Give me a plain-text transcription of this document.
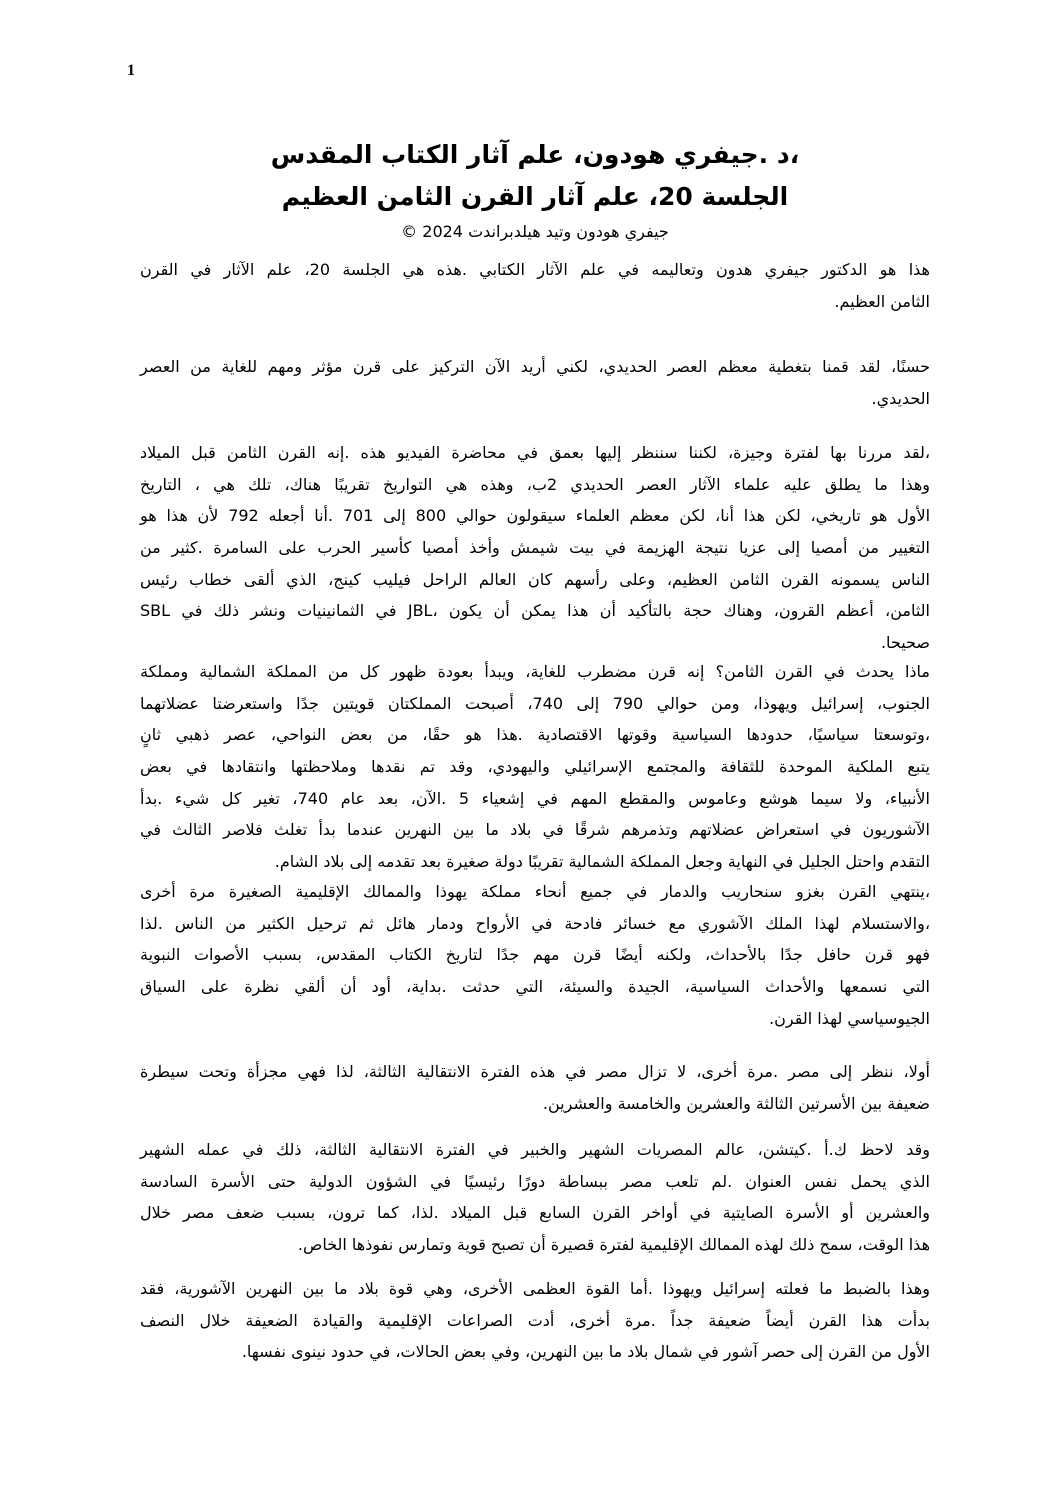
1
،د .جيفري هودون، علم آثار الكتاب المقدس
الجلسة 20، علم آثار القرن الثامن العظيم
جيفري هودون وتيد هيلدبراندت 2024 ©
هذا هو الدكتور جيفري هدون وتعاليمه في علم الآثار الكتابي .هذه هي الجلسة 20، علم الآثار في القرن
الثامن العظيم.
حسنًا، لقد قمنا بتغطية معظم العصر الحديدي، لكني أريد الآن التركيز على قرن مؤثر ومهم للغاية من العصر
الحديدي.
،لقد مررنا بها لفترة وجيزة، لكننا سننظر إليها بعمق في محاضرة الفيديو هذه .إنه القرن الثامن قبل الميلاد
وهذا ما يطلق عليه علماء الآثار العصر الحديدي 2ب، وهذه هي التواريخ تقريبًا هناك، تلك هي ، التاريخ
الأول هو تاريخي، لكن هذا أنا، لكن معظم العلماء سيقولون حوالي 800 إلى 701 .أنا أجعله 792 لأن هذا هو
التغيير من أمصيا إلى عزيا نتيجة الهزيمة في بيت شيمش وأخذ أمصيا كأسير الحرب على السامرة .كثير من
الناس يسمونه القرن الثامن العظيم، وعلى رأسهم كان العالم الراحل فيليب كينج، الذي ألقى خطاب رئيس
الثامن، أعظم القرون، وهناك حجة بالتأكيد أن هذا يمكن أن يكون ،JBL في الثمانينيات ونشر ذلك في SBL
صحيحا.
ماذا يحدث في القرن الثامن؟ إنه قرن مضطرب للغاية، ويبدأ بعودة ظهور كل من المملكة الشمالية ومملكة
الجنوب، إسرائيل ويهوذا، ومن حوالي 790 إلى 740، أصبحت المملكتان قويتين جدًا واستعرضتا عضلاتهما
،وتوسعتا سياسيًا، حدودها السياسية وقوتها الاقتصادية .هذا هو حقًا، من بعض النواحي، عصر ذهبي ثانٍ
يتبع الملكية الموحدة للثقافة والمجتمع الإسرائيلي واليهودي، وقد تم نقدها وملاحظتها وانتقادها في بعض
الأنبياء، ولا سيما هوشع وعاموس والمقطع المهم في إشعياء 5 .الآن، بعد عام 740، تغير كل شيء .بدأ
الآشوريون في استعراض عضلاتهم وتذمرهم شرقًا في بلاد ما بين النهرين عندما بدأ تغلث فلاصر الثالث في
التقدم واحتل الجليل في النهاية وجعل المملكة الشمالية تقريبًا دولة صغيرة بعد تقدمه إلى بلاد الشام.
،ينتهي القرن بغزو سنحاريب والدمار في جميع أنحاء مملكة يهوذا والممالك الإقليمية الصغيرة مرة أخرى
،والاستسلام لهذا الملك الآشوري مع خسائر فادحة في الأرواح ودمار هائل ثم ترحيل الكثير من الناس .لذا
فهو قرن حافل جدًا بالأحداث، ولكنه أيضًا قرن مهم جدًا لتاريخ الكتاب المقدس، بسبب الأصوات النبوية
التي نسمعها والأحداث السياسية، الجيدة والسيئة، التي حدثت .بداية، أود أن ألقي نظرة على السياق
الجيوسياسي لهذا القرن.
أولا، ننظر إلى مصر .مرة أخرى، لا تزال مصر في هذه الفترة الانتقالية الثالثة، لذا فهي مجزأة وتحت سيطرة
ضعيفة بين الأسرتين الثالثة والعشرين والخامسة والعشرين.
وقد لاحظ ك.أ .كيتشن، عالم المصريات الشهير والخبير في الفترة الانتقالية الثالثة، ذلك في عمله الشهير
الذي يحمل نفس العنوان .لم تلعب مصر ببساطة دورًا رئيسيًا في الشؤون الدولية حتى الأسرة السادسة
والعشرين أو الأسرة الصايتية في أواخر القرن السابع قبل الميلاد .لذا، كما ترون، بسبب ضعف مصر خلال
هذا الوقت، سمح ذلك لهذه الممالك الإقليمية لفترة قصيرة أن تصبح قوية وتمارس نفوذها الخاص.
وهذا بالضبط ما فعلته إسرائيل ويهوذا .أما القوة العظمى الأخرى، وهي قوة بلاد ما بين النهرين الآشورية، فقد
بدأت هذا القرن أيضاً ضعيفة جداً .مرة أخرى، أدت الصراعات الإقليمية والقيادة الضعيفة خلال النصف
الأول من القرن إلى حصر آشور في شمال بلاد ما بين النهرين، وفي بعض الحالات، في حدود نينوى نفسها.
